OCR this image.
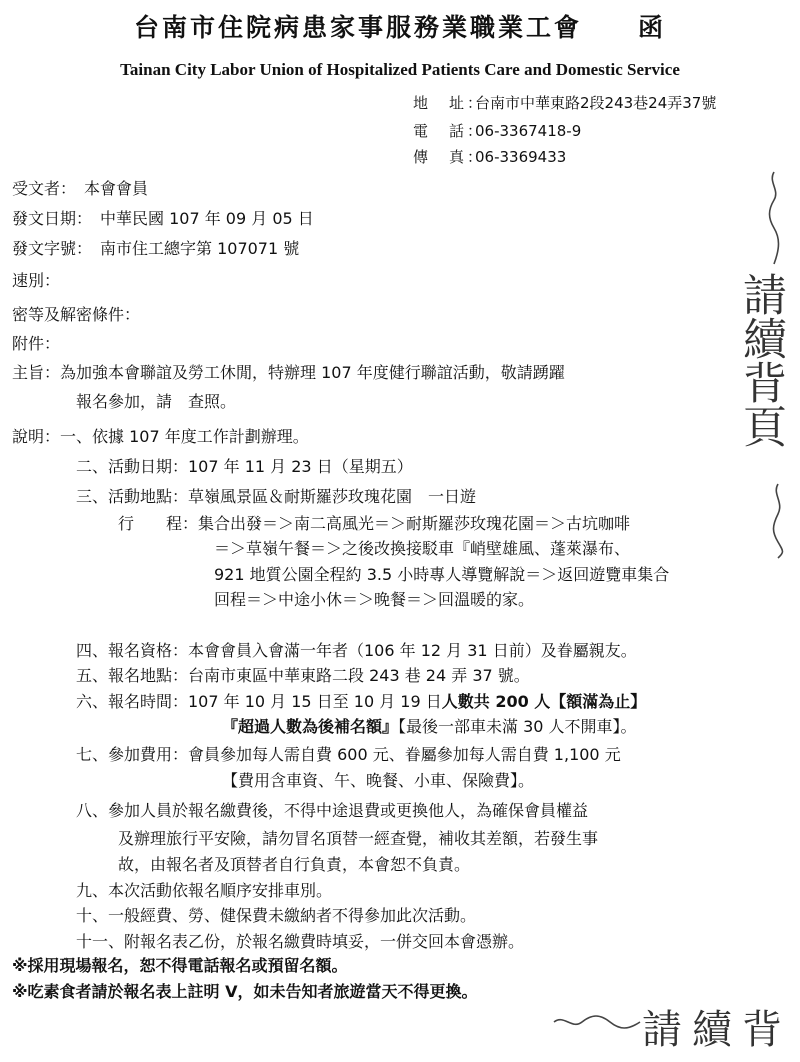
台南市住院病患家事服務業職業工會 函
Tainan City Labor Union of Hospitalized Patients Care and Domestic Service
地　址：台南市中華東路2段243巷24弄37號
電　話：06-3367418-9
傳　真：06-3369433
受文者：　本會會員
發文日期：　中華民國 107 年 09 月 05 日
發文字號：　南市住工總字第 107071 號
速別：
密等及解密條件：
附件：
主旨：為加強本會聯誼及勞工休閒，特辦理 107 年度健行聯誼活動，敬請踴躍
報名參加，請　查照。
說明：一、依據 107 年度工作計劃辦理。
二、活動日期：107 年 11 月 23 日（星期五）
三、活動地點：草嶺風景區＆耐斯羅莎玫瑰花園　一日遊
行　　程：集合出發＝＞南二高風光＝＞耐斯羅莎玫瑰花園＝＞古坑咖啡
＝＞草嶺午餐＝＞之後改換接駁車『峭壁雄風、蓬萊瀑布、
921 地質公園全程約 3.5 小時專人導覽解說＝＞返回遊覽車集合
回程＝＞中途小休＝＞晚餐＝＞回溫暖的家。
四、報名資格：本會會員入會滿一年者（106 年 12 月 31 日前）及眷屬親友。
五、報名地點：台南市東區中華東路二段 243 巷 24 弄 37 號。
六、報名時間：107 年 10 月 15 日至 10 月 19 日人數共 200 人【額滿為止】
『超過人數為後補名額』【最後一部車未滿 30 人不開車】。
七、參加費用：會員參加每人需自費 600 元、眷屬參加每人需自費 1,100 元
【費用含車資、午、晚餐、小車、保險費】。
八、參加人員於報名繳費後，不得中途退費或更換他人，為確保會員權益
及辦理旅行平安險，請勿冒名頂替一經查覺，補收其差額，若發生事
故，由報名者及頂替者自行負責，本會恕不負責。
九、本次活動依報名順序安排車別。
十、一般經費、勞、健保費未繳納者不得參加此次活動。
十一、附報名表乙份，於報名繳費時填妥，一併交回本會憑辦。
※採用現場報名，恕不得電話報名或預留名額。
※吃素食者請於報名表上註明 V，如未告知者旅遊當天不得更換。
請續背頁
請續背
